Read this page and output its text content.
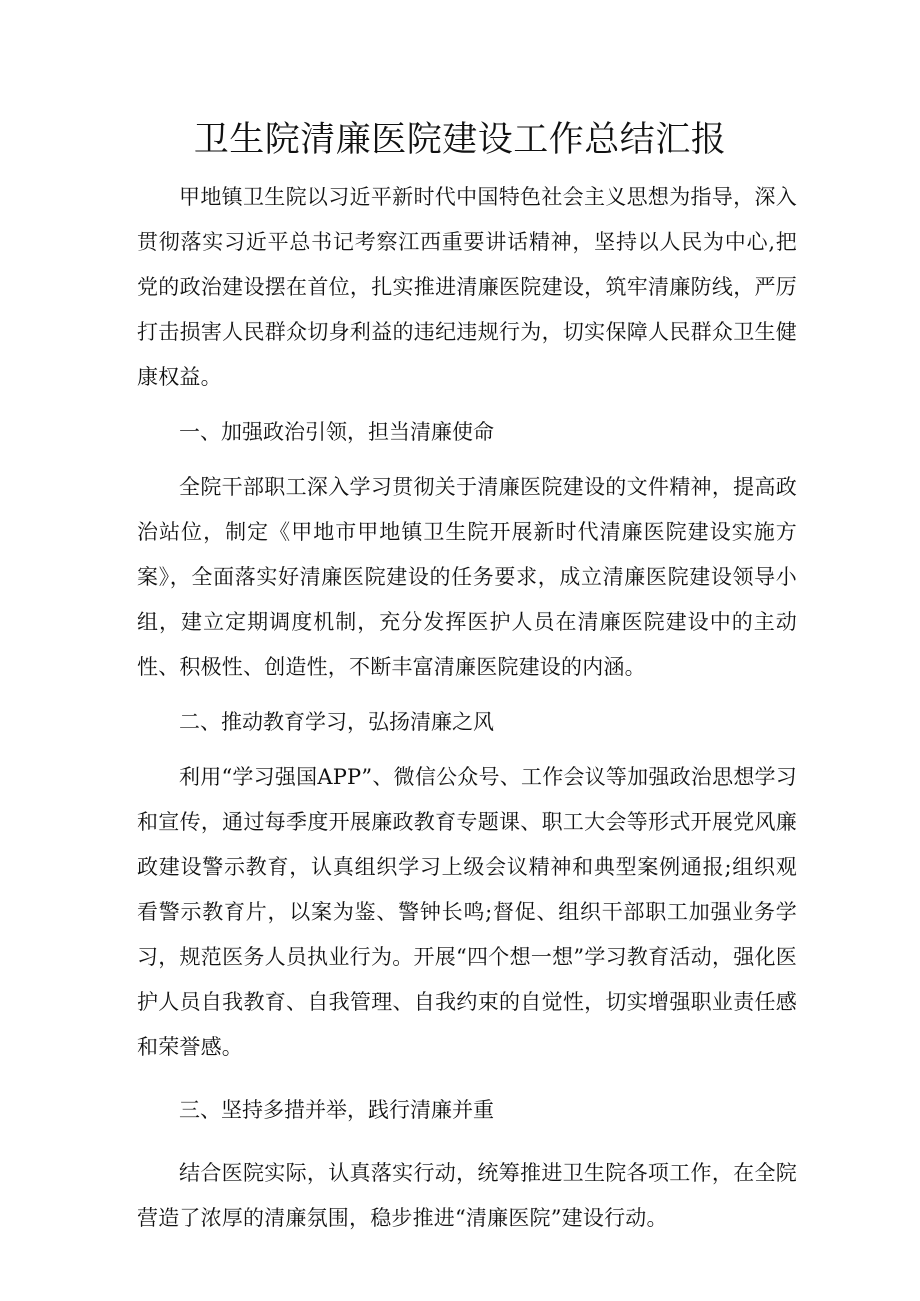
卫生院清廉医院建设工作总结汇报

甲地镇卫生院以习近平新时代中国特色社会主义思想为指导，深入贯彻落实习近平总书记考察江西重要讲话精神，坚持以人民为中心,把党的政治建设摆在首位，扎实推进清廉医院建设，筑牢清廉防线，严厉打击损害人民群众切身利益的违纪违规行为，切实保障人民群众卫生健康权益。

一、加强政治引领，担当清廉使命

全院干部职工深入学习贯彻关于清廉医院建设的文件精神，提高政治站位，制定《甲地市甲地镇卫生院开展新时代清廉医院建设实施方案》，全面落实好清廉医院建设的任务要求，成立清廉医院建设领导小组，建立定期调度机制，充分发挥医护人员在清廉医院建设中的主动性、积极性、创造性，不断丰富清廉医院建设的内涵。

二、推动教育学习，弘扬清廉之风

利用“学习强国APP”、微信公众号、工作会议等加强政治思想学习和宣传，通过每季度开展廉政教育专题课、职工大会等形式开展党风廉政建设警示教育，认真组织学习上级会议精神和典型案例通报;组织观看警示教育片，以案为鉴、警钟长鸣;督促、组织干部职工加强业务学习，规范医务人员执业行为。开展“四个想一想”学习教育活动，强化医护人员自我教育、自我管理、自我约束的自觉性，切实增强职业责任感和荣誉感。

三、坚持多措并举，践行清廉并重

结合医院实际，认真落实行动，统筹推进卫生院各项工作，在全院营造了浓厚的清廉氛围，稳步推进“清廉医院”建设行动。
